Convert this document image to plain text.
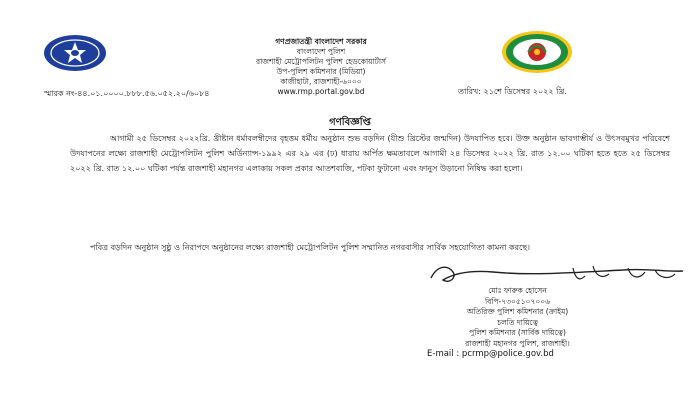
গণপ্রজাতন্ত্রী বাংলাদেশ সরকার
বাংলাদেশ পুলিশ
রাজশাহী মেট্রোপলিটন পুলিশ হেডকোয়ার্টার্স
উপ-পুলিশ কমিশনার (মিডিয়া)
কাজীহাটা, রাজশাহী-৬০০০
www.rmp.portal.gov.bd
স্মারক নং-৪৪.০১.০০০০.৮৮৮.৫৬.০৫২.২০/৬০৮৪	তারিখ: ২১শে ডিসেম্বর ২০২২ খ্রি.
গণবিজ্ঞপ্তি
আগামী ২৫ ডিসেম্বর ২০২২খ্রি. খ্রীষ্টান ধর্মাবলম্বীদের বৃহত্তম ধর্মীয় অনুষ্ঠান শুভ বড়দিন (যীশু খ্রিস্টের জন্মদিন) উদযাপিত হবে। উক্ত অনুষ্ঠান ভাবগাম্ভীর্য ও উৎসবমুখর পরিবেশে উদযাপনের লক্ষ্যে রাজশাহী মেট্রোপলিটন পুলিশ অর্ডিন্যান্স-১৯৯২ এর ২৯ এর (ঢ) ধারায় অর্পিত ক্ষমতাবলে আগামী ২৪ ডিসেম্বর ২০২২ খ্রি. রাত ১২.০০ ঘটিকা হতে হতে ২৫ ডিসেম্বর ২০২২ খ্রি. রাত ১২.০০ ঘটিকা পর্যন্ত রাজশাহী মহানগর এলাকায় সকল প্রকার আতশবাজি, পটকা ফুটানো এবং ফানুস উড়ানো নিষিদ্ধ করা হলো।
পবিত্র বড়দিন অনুষ্ঠান সুষ্ঠু ও নিরাপদে অনুষ্ঠানের লক্ষ্যে রাজশাহী মেট্রোপলিটন পুলিশ সম্মানিত নগরবাসীর সার্বিক সহযোগিতা কামনা করছে।
মোঃ ফারুক হোসেন
বিপি-৭৩০৫১০৭০০৬
অতিরিক্ত পুলিশ কমিশনার (ক্রাইম)
চলতি দায়িত্বে
পুলিশ কমিশনার (সার্বিক দায়িত্বে)
রাজশাহী মহানগর পুলিশ, রাজশাহী।
E-mail : pcrmp@police.gov.bd
